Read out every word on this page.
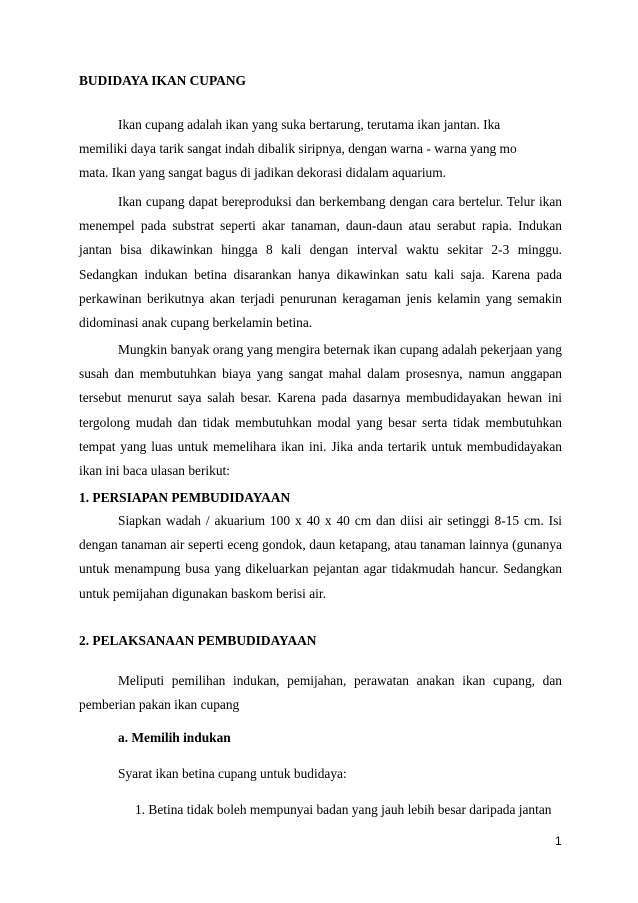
BUDIDAYA IKAN CUPANG
Ikan cupang adalah ikan yang suka bertarung, terutama ikan jantan. Ika
memiliki daya tarik sangat indah dibalik siripnya, dengan warna - warna yang mo
mata. Ikan yang sangat bagus di jadikan dekorasi didalam aquarium.
Ikan cupang dapat bereproduksi dan berkembang dengan cara bertelur. Telur ikan menempel pada substrat seperti akar tanaman, daun-daun atau serabut rapia. Indukan jantan bisa dikawinkan hingga 8 kali dengan interval waktu sekitar 2-3 minggu. Sedangkan indukan betina disarankan hanya dikawinkan satu kali saja. Karena pada perkawinan berikutnya akan terjadi penurunan keragaman jenis kelamin yang semakin didominasi anak cupang berkelamin betina.
Mungkin banyak orang yang mengira beternak ikan cupang adalah pekerjaan yang susah dan membutuhkan biaya yang sangat mahal dalam prosesnya, namun anggapan tersebut menurut saya salah besar. Karena pada dasarnya membudidayakan hewan ini tergolong mudah dan tidak membutuhkan modal yang besar serta tidak membutuhkan tempat yang luas untuk memelihara ikan ini. Jika anda tertarik untuk membudidayakan ikan ini baca ulasan berikut:
1. PERSIAPAN PEMBUDIDAYAAN
Siapkan wadah / akuarium 100 x 40 x 40 cm dan diisi air setinggi 8-15 cm. Isi dengan tanaman air seperti eceng gondok, daun ketapang, atau tanaman lainnya (gunanya untuk menampung busa yang dikeluarkan pejantan agar tidakmudah hancur. Sedangkan untuk pemijahan digunakan baskom berisi air.
2. PELAKSANAAN PEMBUDIDAYAAN
Meliputi pemilihan indukan, pemijahan, perawatan anakan ikan cupang, dan pemberian pakan ikan cupang
a. Memilih indukan
Syarat ikan betina cupang untuk budidaya:
1. Betina tidak boleh mempunyai badan yang jauh lebih besar daripada jantan
1
